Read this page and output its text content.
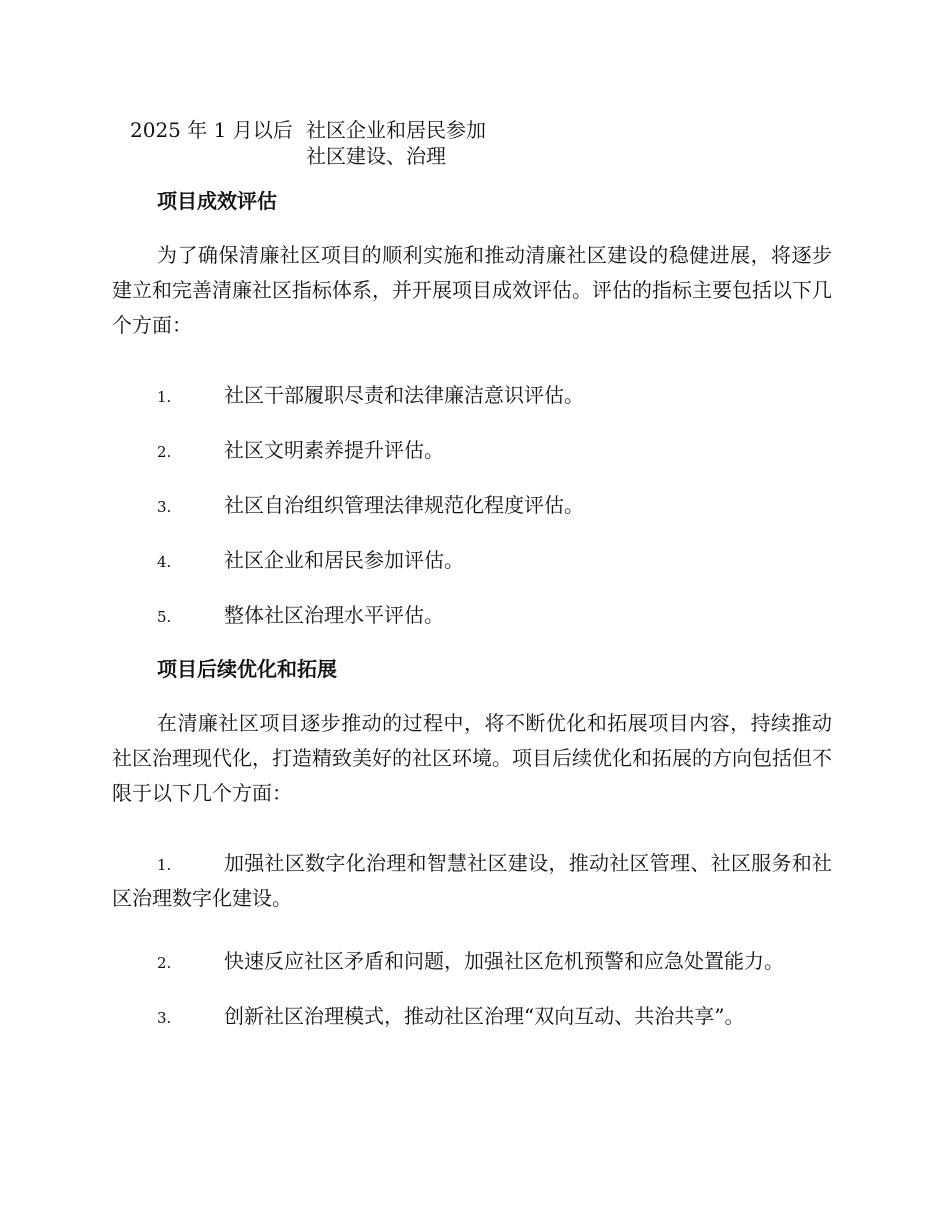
2025 年 1 月以后 社区企业和居民参加
社区建设、治理
项目成效评估

为了确保清廉社区项目的顺利实施和推动清廉社区建设的稳健进展，将逐步建立和完善清廉社区指标体系，并开展项目成效评估。评估的指标主要包括以下几个方面：

1.	社区干部履职尽责和法律廉洁意识评估。
2.	社区文明素养提升评估。
3.	社区自治组织管理法律规范化程度评估。
4.	社区企业和居民参加评估。
5.	整体社区治理水平评估。
项目后续优化和拓展

在清廉社区项目逐步推动的过程中，将不断优化和拓展项目内容，持续推动社区治理现代化，打造精致美好的社区环境。项目后续优化和拓展的方向包括但不限于以下几个方面：

1.	加强社区数字化治理和智慧社区建设，推动社区管理、社区服务和社区治理数字化建设。
2.	快速反应社区矛盾和问题，加强社区危机预警和应急处置能力。
3.	创新社区治理模式，推动社区治理“双向互动、共治共享”。
